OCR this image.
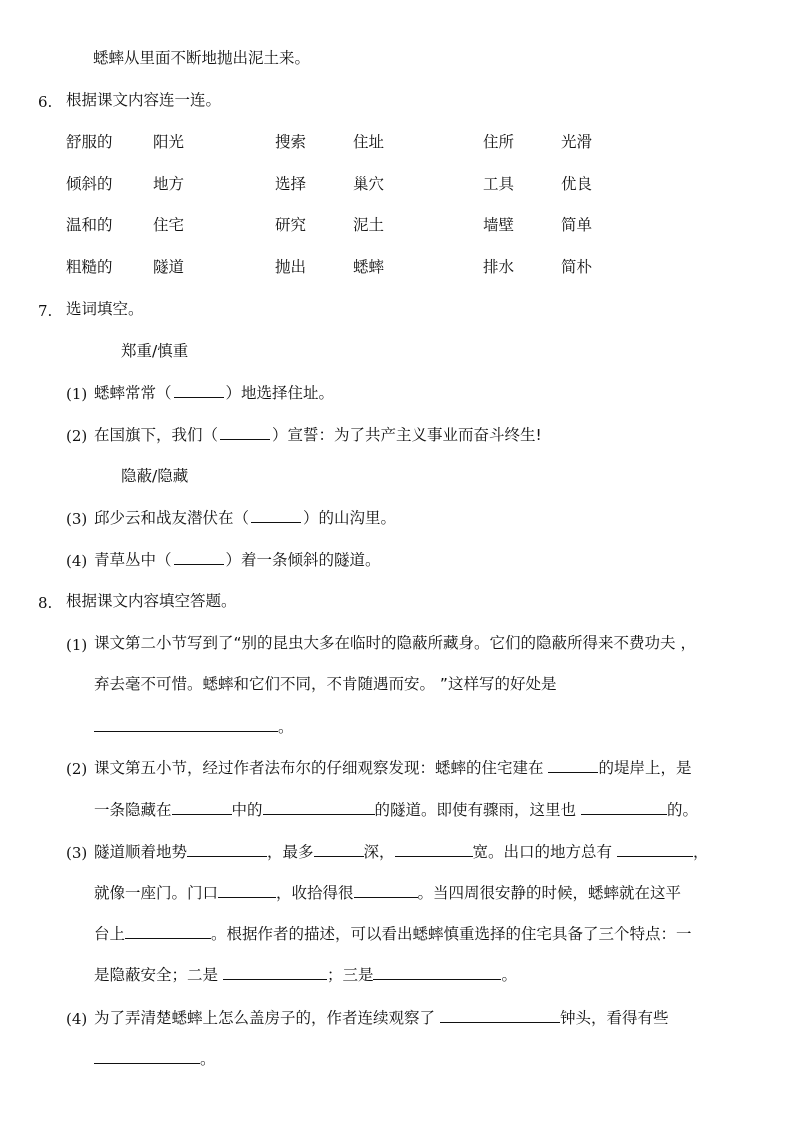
蟋蟀从里面不断地抛出泥土来。
6. 根据课文内容连一连。
舒服的	阳光	搜索	住址	住所	光滑
倾斜的	地方	选择	巢穴	工具	优良
温和的	住宅	研究	泥土	墙壁	简单
粗糙的	隧道	抛出	蟋蟀	排水	简朴
7. 选词填空。
郑重/慎重
(1) 蟋蟀常常（	）地选择住址。
(2) 在国旗下，我们（	）宣誓：为了共产主义事业而奋斗终生!
隐蔽/隐藏
(3) 邱少云和战友潜伏在（	）的山沟里。
(4) 青草丛中（	）着一条倾斜的隧道。
8. 根据课文内容填空答题。
(1) 课文第二小节写到了“别的昆虫大多在临时的隐蔽所藏身。它们的隐蔽所得来不费功夫 ，
弃去毫不可惜。蟋蟀和它们不同，不肯随遇而安。 ”这样写的好处是
。
(2) 课文第五小节，经过作者法布尔的仔细观察发现：蟋蟀的住宅建在	的堤岸上，是
一条隐藏在	中的	的隧道。即使有骤雨，这里也	的。
(3) 隧道顺着地势	，最多	深，	宽。出口的地方总有	，
就像一座门。门口	，收拾得很	。当四周很安静的时候，蟋蟀就在这平
台上	。根据作者的描述，可以看出蟋蟀慎重选择的住宅具备了三个特点：一
是隐蔽安全；二是	；三是	。
(4) 为了弄清楚蟋蟀上怎么盖房子的，作者连续观察了	钟头，看得有些
。
